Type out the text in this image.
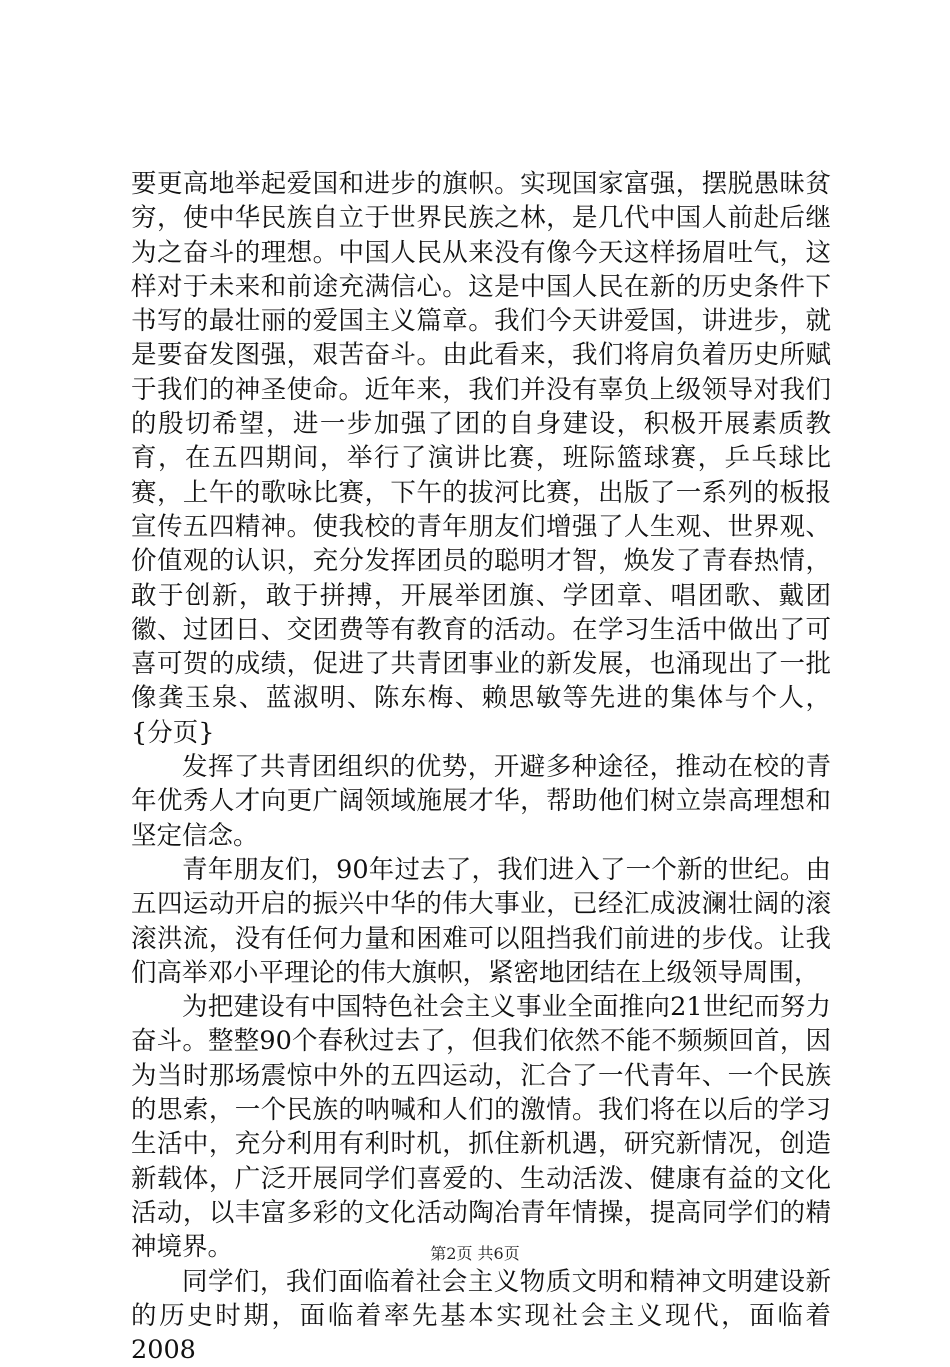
要更高地举起爱国和进步的旗帜。实现国家富强，摆脱愚昧贫穷，使中华民族自立于世界民族之林，是几代中国人前赴后继为之奋斗的理想。中国人民从来没有像今天这样扬眉吐气，这样对于未来和前途充满信心。这是中国人民在新的历史条件下书写的最壮丽的爱国主义篇章。我们今天讲爱国，讲进步，就是要奋发图强，艰苦奋斗。由此看来，我们将肩负着历史所赋于我们的神圣使命。近年来，我们并没有辜负上级领导对我们的殷切希望，进一步加强了团的自身建设，积极开展素质教育，在五四期间，举行了演讲比赛，班际篮球赛，乒乓球比赛，上午的歌咏比赛，下午的拔河比赛，出版了一系列的板报宣传五四精神。使我校的青年朋友们增强了人生观、世界观、价值观的认识，充分发挥团员的聪明才智，焕发了青春热情，敢于创新，敢于拼搏，开展举团旗、学团章、唱团歌、戴团徽、过团日、交团费等有教育的活动。在学习生活中做出了可喜可贺的成绩，促进了共青团事业的新发展，也涌现出了一批像龚玉泉、蓝淑明、陈东梅、赖思敏等先进的集体与个人，{分页}

发挥了共青团组织的优势，开避多种途径，推动在校的青年优秀人才向更广阔领域施展才华，帮助他们树立崇高理想和坚定信念。

青年朋友们，90年过去了，我们进入了一个新的世纪。由五四运动开启的振兴中华的伟大事业，已经汇成波澜壮阔的滚滚洪流，没有任何力量和困难可以阻挡我们前进的步伐。让我们高举邓小平理论的伟大旗帜，紧密地团结在上级领导周围，

为把建设有中国特色社会主义事业全面推向21世纪而努力奋斗。整整90个春秋过去了，但我们依然不能不频频回首，因为当时那场震惊中外的五四运动，汇合了一代青年、一个民族的思索，一个民族的呐喊和人们的激情。我们将在以后的学习生活中，充分利用有利时机，抓住新机遇，研究新情况，创造新载体，广泛开展同学们喜爱的、生动活泼、健康有益的文化活动，以丰富多彩的文化活动陶冶青年情操，提高同学们的精神境界。

同学们，我们面临着社会主义物质文明和精神文明建设新的历史时期，面临着率先基本实现社会主义现代，面临着2008

第2页 共6页
